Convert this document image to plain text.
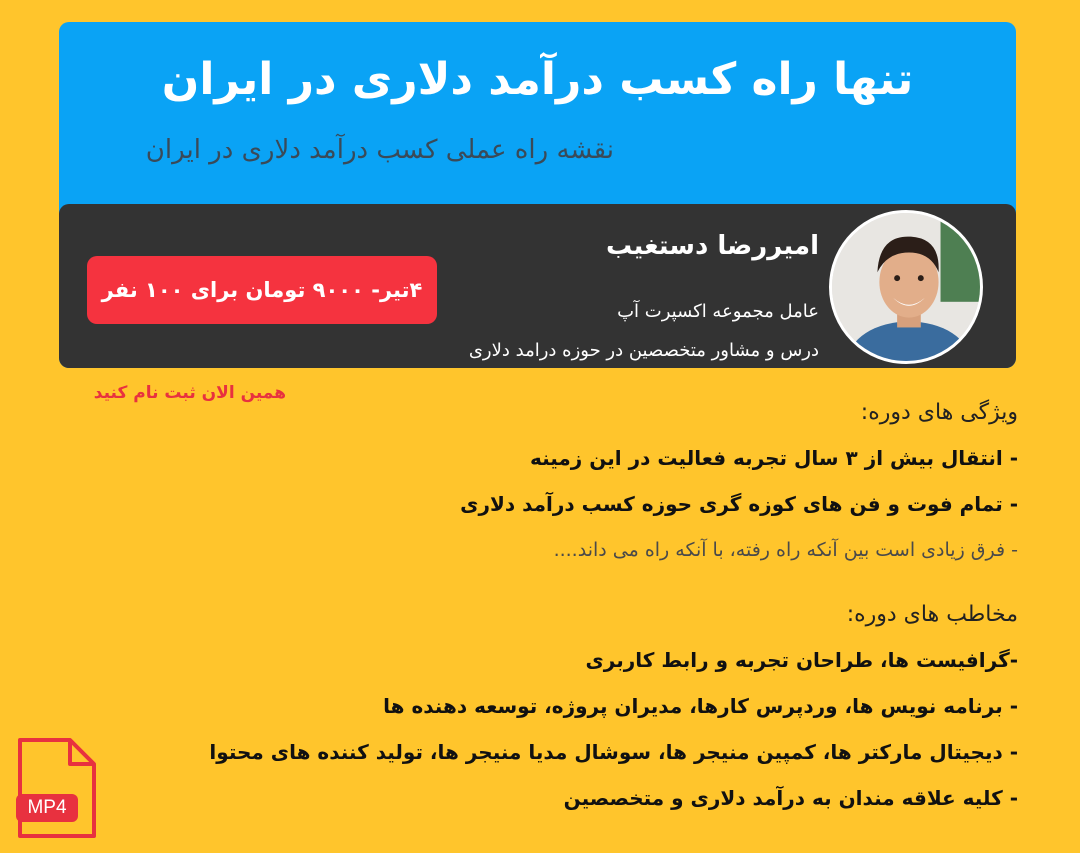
تنها راه کسب درآمد دلاری در ایران
نقشه راه عملی کسب درآمد دلاری در ایران
۴تیر- ۹۰۰۰ تومان برای ۱۰۰ نفر
امیررضا دستغیب
عامل مجموعه اکسپرت آپ
درس و مشاور متخصصین در حوزه درامد دلاری
همین الان ثبت نام کنید
ویژگی های دوره:
- انتقال بیش از ۳ سال تجربه فعالیت در این زمینه
- تمام فوت و فن های کوزه گری حوزه کسب درآمد دلاری
- فرق زیادی است بین آنکه راه رفته، با آنکه راه می داند....
مخاطب های دوره:
-گرافیست ها، طراحان تجربه و رابط کاربری
- برنامه نویس ها، وردپرس کارها، مدیران پروژه، توسعه دهنده ها
- دیجیتال مارکتر ها، کمپین منیجر ها، سوشال مدیا منیجر ها، تولید کننده های محتوا
- کلیه علاقه مندان به درآمد دلاری و متخصصین
MP4
